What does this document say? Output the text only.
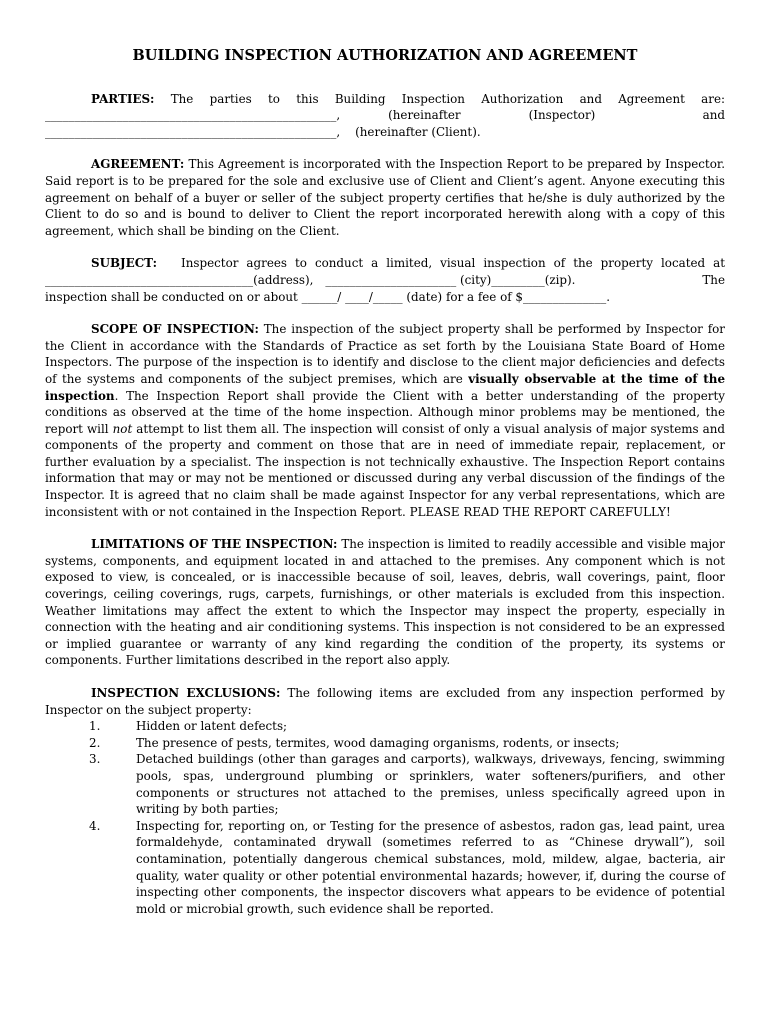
BUILDING INSPECTION AUTHORIZATION AND AGREEMENT
PARTIES: The parties to this Building Inspection Authorization and Agreement are:
_________________________________________________,	(hereinafter	(Inspector)	and
_________________________________________________, (hereinafter (Client).

AGREEMENT: This Agreement is incorporated with the Inspection Report to be prepared by Inspector. Said report is to be prepared for the sole and exclusive use of Client and Client’s agent. Anyone executing this agreement on behalf of a buyer or seller of the subject property certifies that he/she is duly authorized by the Client to do so and is bound to deliver to Client the report incorporated herewith along with a copy of this agreement, which shall be binding on the Client.

SUBJECT: Inspector agrees to conduct a limited, visual inspection of the property located at
___________________________________(address), ______________________ (city)_________(zip).	The
inspection shall be conducted on or about ______/ ____/_____ (date) for a fee of $______________.

SCOPE OF INSPECTION: The inspection of the subject property shall be performed by Inspector for the Client in accordance with the Standards of Practice as set forth by the Louisiana State Board of Home Inspectors. The purpose of the inspection is to identify and disclose to the client major deficiencies and defects of the systems and components of the subject premises, which are visually observable at the time of the inspection. The Inspection Report shall provide the Client with a better understanding of the property conditions as observed at the time of the home inspection. Although minor problems may be mentioned, the report will not attempt to list them all. The inspection will consist of only a visual analysis of major systems and components of the property and comment on those that are in need of immediate repair, replacement, or further evaluation by a specialist. The inspection is not technically exhaustive. The Inspection Report contains information that may or may not be mentioned or discussed during any verbal discussion of the findings of the Inspector. It is agreed that no claim shall be made against Inspector for any verbal representations, which are inconsistent with or not contained in the Inspection Report. PLEASE READ THE REPORT CAREFULLY!

LIMITATIONS OF THE INSPECTION: The inspection is limited to readily accessible and visible major systems, components, and equipment located in and attached to the premises. Any component which is not exposed to view, is concealed, or is inaccessible because of soil, leaves, debris, wall coverings, paint, floor coverings, ceiling coverings, rugs, carpets, furnishings, or other materials is excluded from this inspection. Weather limitations may affect the extent to which the Inspector may inspect the property, especially in connection with the heating and air conditioning systems. This inspection is not considered to be an expressed or implied guarantee or warranty of any kind regarding the condition of the property, its systems or components. Further limitations described in the report also apply.

INSPECTION EXCLUSIONS: The following items are excluded from any inspection performed by Inspector on the subject property:

1.	Hidden or latent defects;
2.	The presence of pests, termites, wood damaging organisms, rodents, or insects;
3.	Detached buildings (other than garages and carports), walkways, driveways, fencing, swimming pools, spas, underground plumbing or sprinklers, water softeners/purifiers, and other components or structures not attached to the premises, unless specifically agreed upon in writing by both parties;
4.	Inspecting for, reporting on, or Testing for the presence of asbestos, radon gas, lead paint, urea formaldehyde, contaminated drywall (sometimes referred to as “Chinese drywall”), soil contamination, potentially dangerous chemical substances, mold, mildew, algae, bacteria, air quality, water quality or other potential environmental hazards; however, if, during the course of inspecting other components, the inspector discovers what appears to be evidence of potential mold or microbial growth, such evidence shall be reported.
